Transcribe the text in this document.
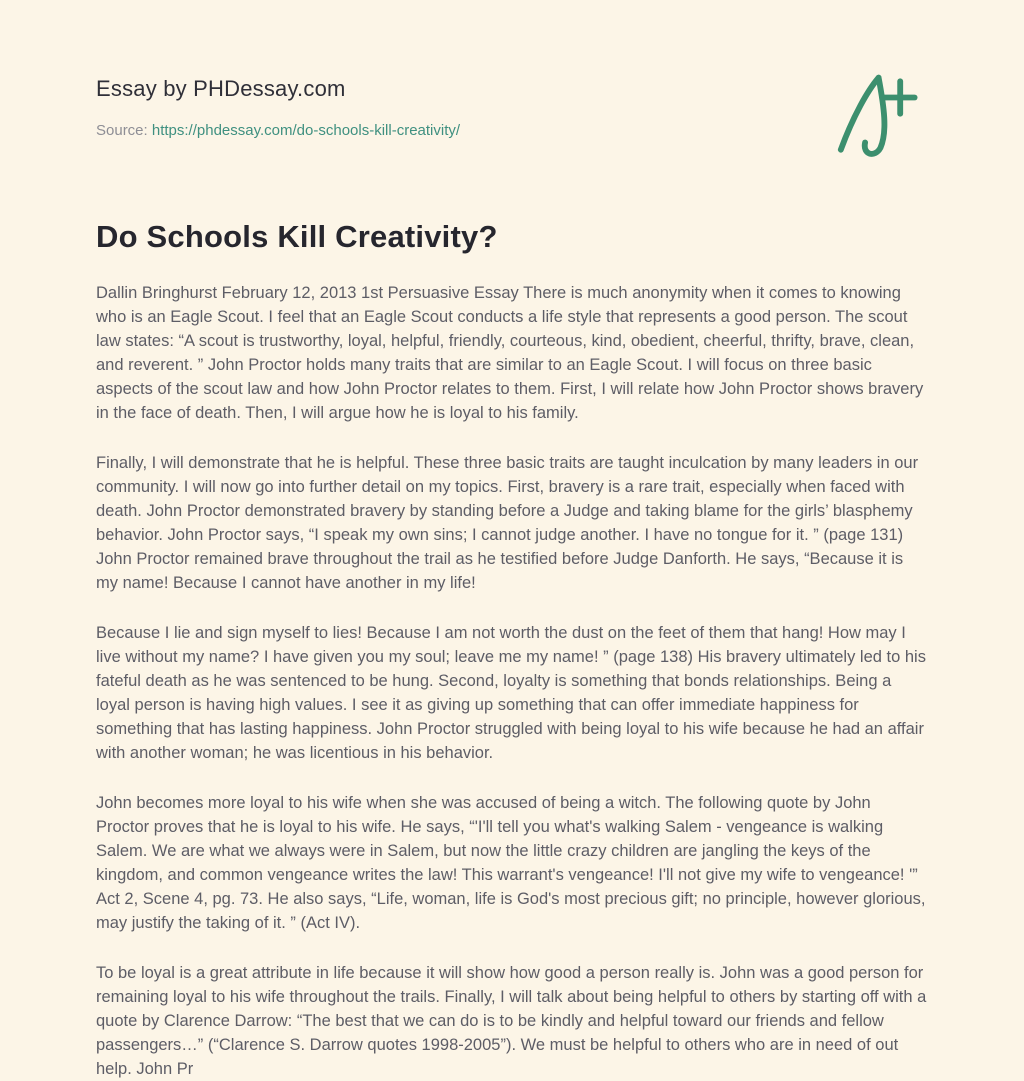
Essay by PHDessay.com
Source: https://phdessay.com/do-schools-kill-creativity/
Do Schools Kill Creativity?

Dallin Bringhurst February 12, 2013 1st Persuasive Essay There is much anonymity when it comes to knowing who is an Eagle Scout. I feel that an Eagle Scout conducts a life style that represents a good person. The scout law states: “A scout is trustworthy, loyal, helpful, friendly, courteous, kind, obedient, cheerful, thrifty, brave, clean, and reverent. ” John Proctor holds many traits that are similar to an Eagle Scout. I will focus on three basic aspects of the scout law and how John Proctor relates to them. First, I will relate how John Proctor shows bravery in the face of death. Then, I will argue how he is loyal to his family.

Finally, I will demonstrate that he is helpful. These three basic traits are taught inculcation by many leaders in our community. I will now go into further detail on my topics. First, bravery is a rare trait, especially when faced with death. John Proctor demonstrated bravery by standing before a Judge and taking blame for the girls’ blasphemy behavior. John Proctor says, “I speak my own sins; I cannot judge another. I have no tongue for it. ” (page 131) John Proctor remained brave throughout the trail as he testified before Judge Danforth. He says, “Because it is my name! Because I cannot have another in my life!

Because I lie and sign myself to lies! Because I am not worth the dust on the feet of them that hang! How may I live without my name? I have given you my soul; leave me my name! ” (page 138) His bravery ultimately led to his fateful death as he was sentenced to be hung. Second, loyalty is something that bonds relationships. Being a loyal person is having high values. I see it as giving up something that can offer immediate happiness for something that has lasting happiness. John Proctor struggled with being loyal to his wife because he had an affair with another woman; he was licentious in his behavior.

John becomes more loyal to his wife when she was accused of being a witch. The following quote by John Proctor proves that he is loyal to his wife. He says, “'I'll tell you what's walking Salem - vengeance is walking Salem. We are what we always were in Salem, but now the little crazy children are jangling the keys of the kingdom, and common vengeance writes the law! This warrant's vengeance! I'll not give my wife to vengeance! '” Act 2, Scene 4, pg. 73. He also says, “Life, woman, life is God's most precious gift; no principle, however glorious, may justify the taking of it. ” (Act IV).

To be loyal is a great attribute in life because it will show how good a person really is. John was a good person for remaining loyal to his wife throughout the trails. Finally, I will talk about being helpful to others by starting off with a quote by Clarence Darrow: “The best that we can do is to be kindly and helpful toward our friends and fellow passengers…” (“Clarence S. Darrow quotes 1998-2005”). We must be helpful to others who are in need of out help. John Pr
